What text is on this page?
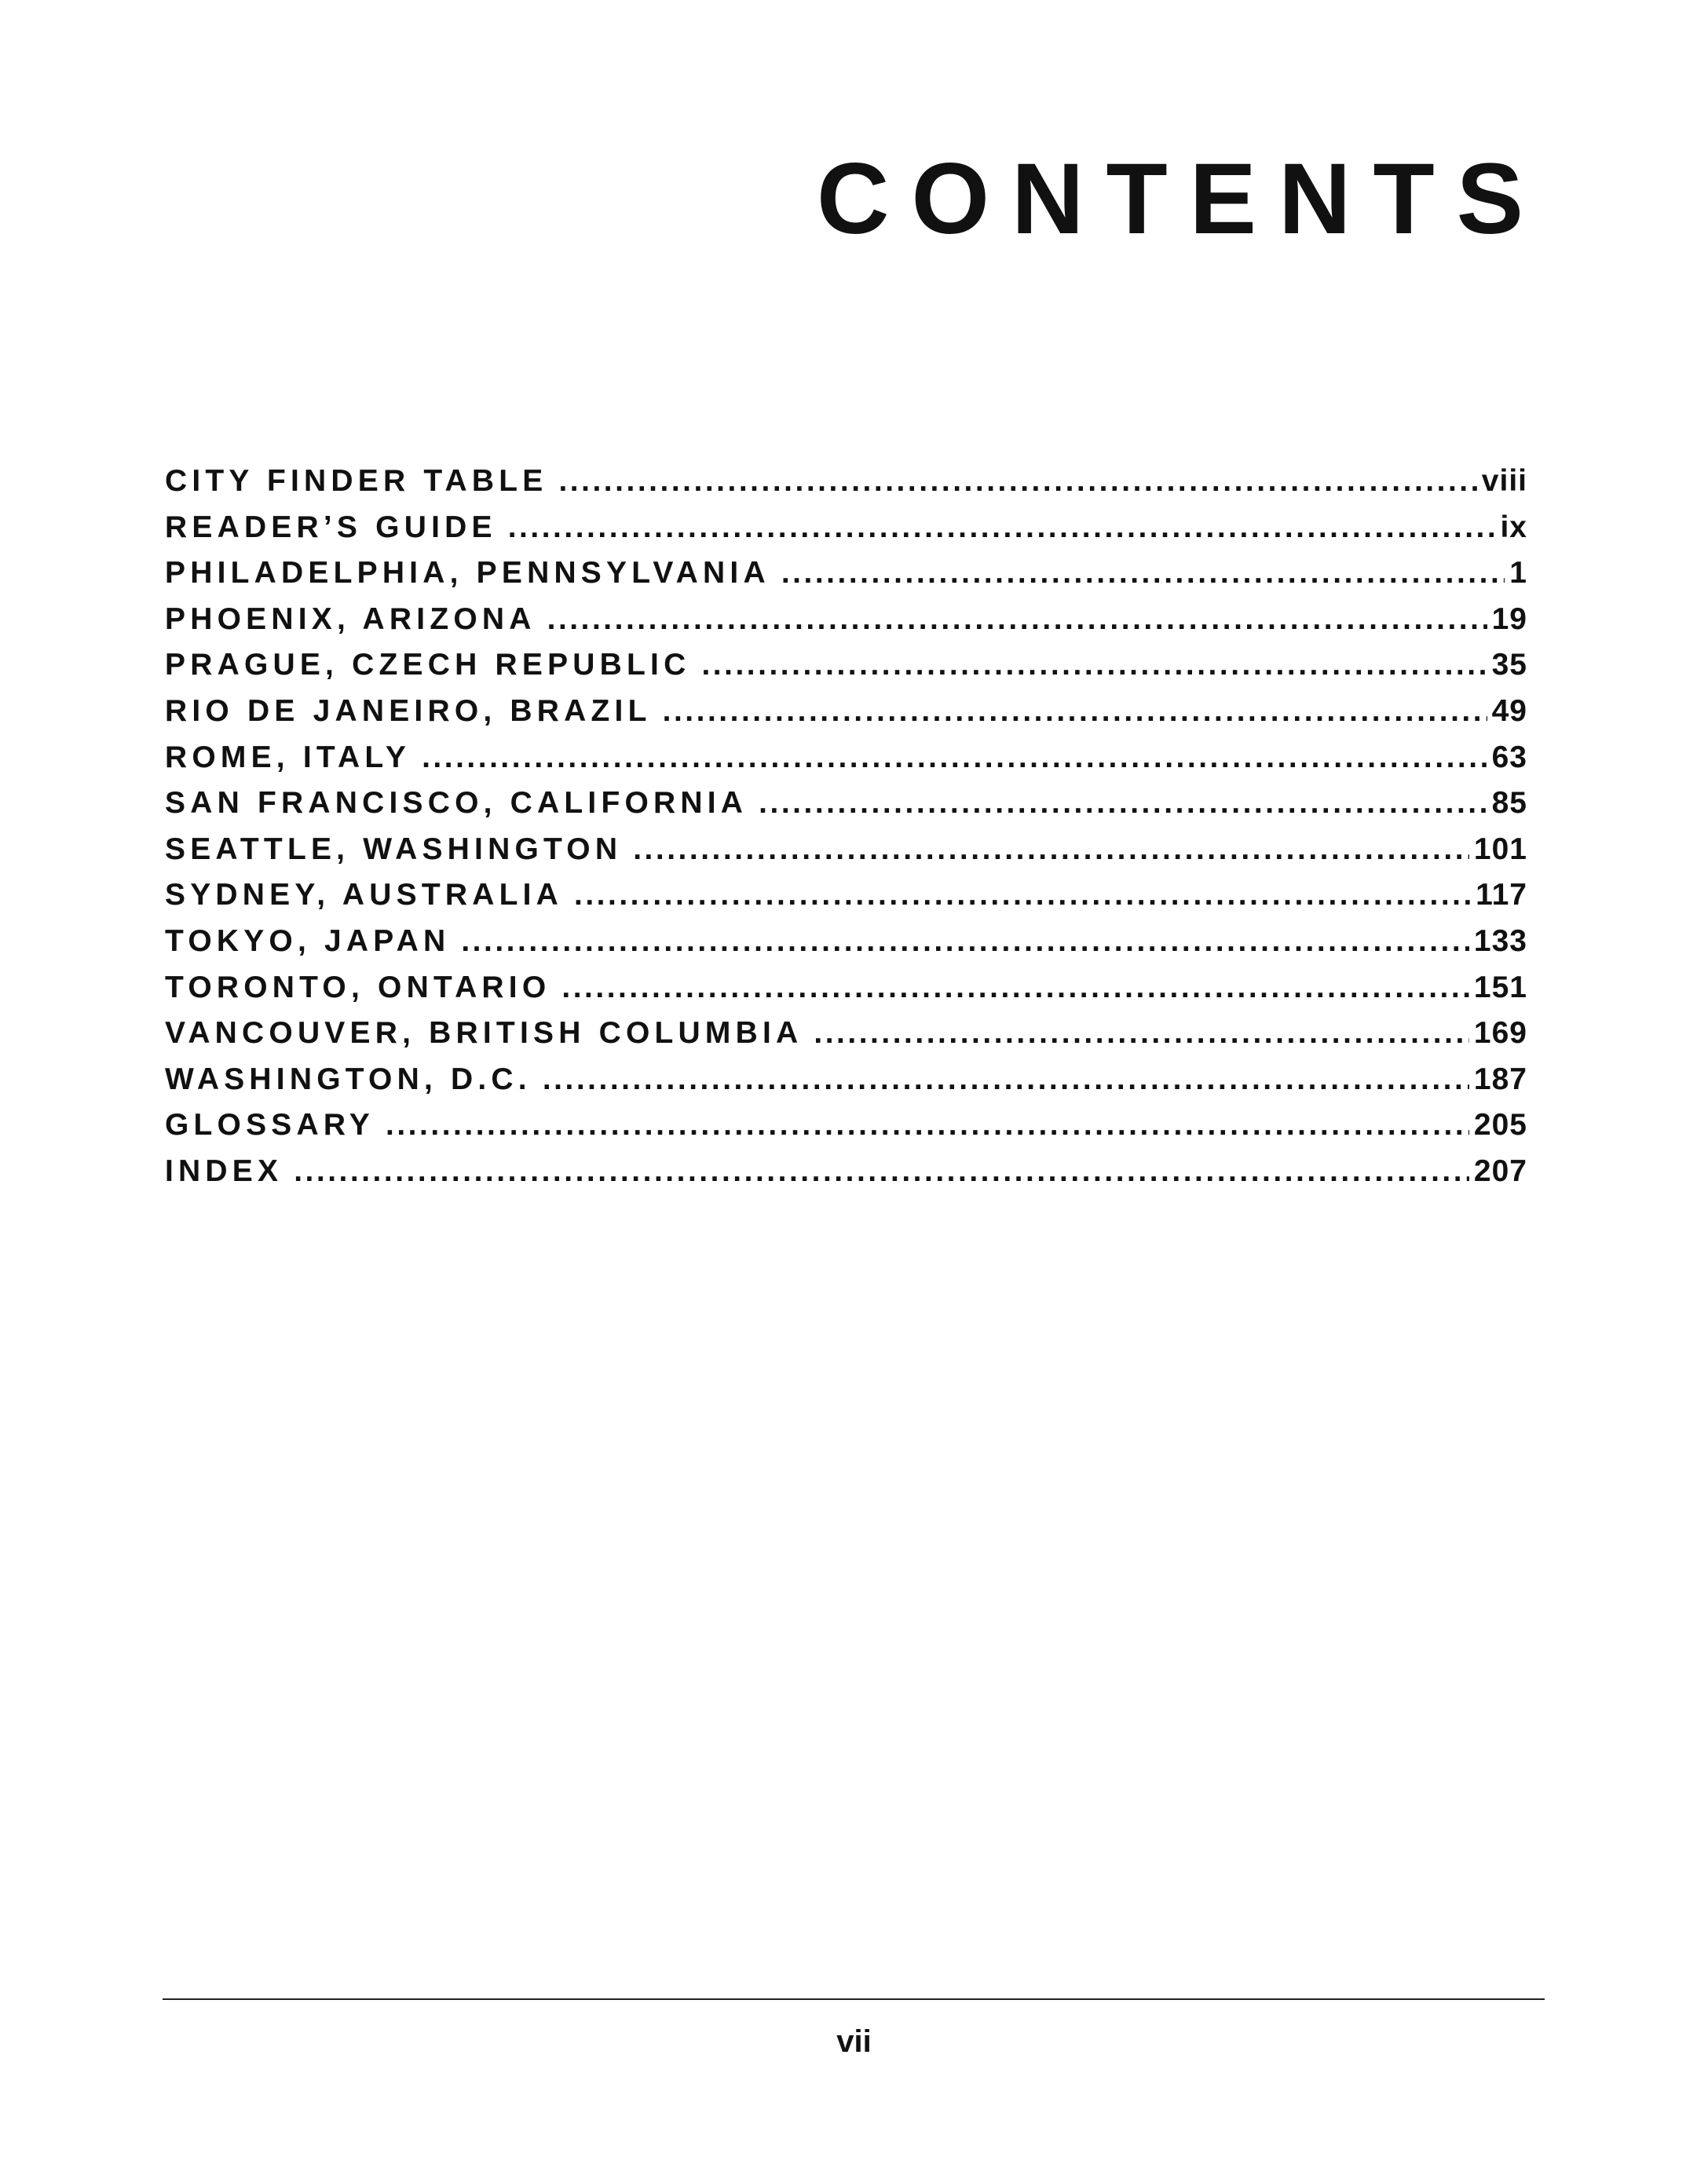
CONTENTS
CITY FINDER TABLE .....	viii
READER’S GUIDE .....	ix
PHILADELPHIA, PENNSYLVANIA .....	1
PHOENIX, ARIZONA .....	19
PRAGUE, CZECH REPUBLIC .....	35
RIO DE JANEIRO, BRAZIL .....	49
ROME, ITALY .....	63
SAN FRANCISCO, CALIFORNIA .....	85
SEATTLE, WASHINGTON .....	101
SYDNEY, AUSTRALIA .....	117
TOKYO, JAPAN .....	133
TORONTO, ONTARIO .....	151
VANCOUVER, BRITISH COLUMBIA .....	169
WASHINGTON, D.C. .....	187
GLOSSARY .....	205
INDEX .....	207
vii
